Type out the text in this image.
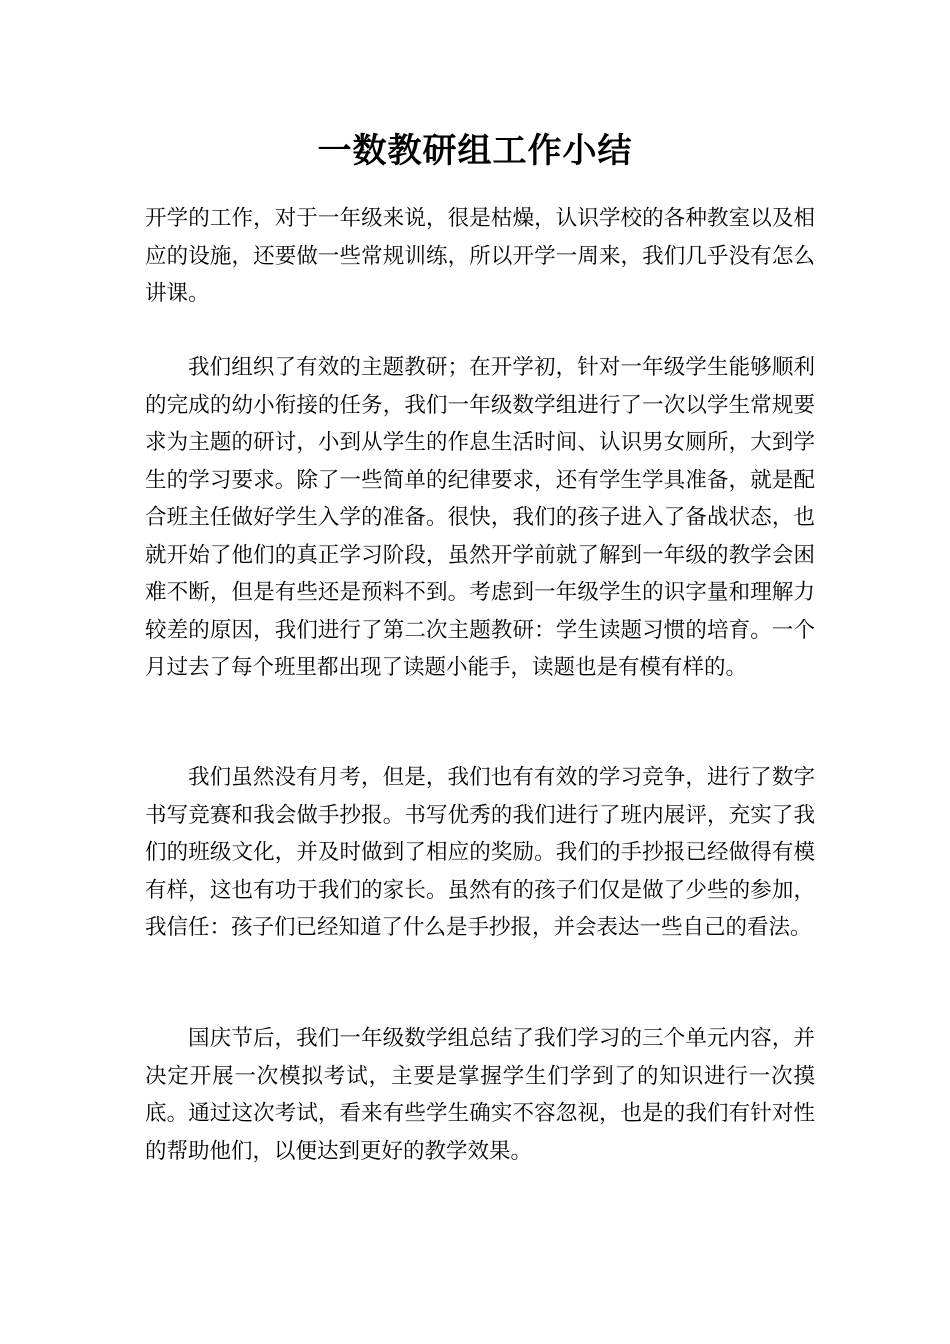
一数教研组工作小结

开学的工作，对于一年级来说，很是枯燥，认识学校的各种教室以及相应的设施，还要做一些常规训练，所以开学一周来，我们几乎没有怎么讲课。

我们组织了有效的主题教研；在开学初，针对一年级学生能够顺利的完成的幼小衔接的任务，我们一年级数学组进行了一次以学生常规要求为主题的研讨，小到从学生的作息生活时间、认识男女厕所，大到学生的学习要求。除了一些简单的纪律要求，还有学生学具准备，就是配合班主任做好学生入学的准备。很快，我们的孩子进入了备战状态，也就开始了他们的真正学习阶段，虽然开学前就了解到一年级的教学会困难不断，但是有些还是预料不到。考虑到一年级学生的识字量和理解力较差的原因，我们进行了第二次主题教研：学生读题习惯的培育。一个月过去了每个班里都出现了读题小能手，读题也是有模有样的。

我们虽然没有月考，但是，我们也有有效的学习竞争，进行了数字书写竞赛和我会做手抄报。书写优秀的我们进行了班内展评，充实了我们的班级文化，并及时做到了相应的奖励。我们的手抄报已经做得有模有样，这也有功于我们的家长。虽然有的孩子们仅是做了少些的参加，我信任：孩子们已经知道了什么是手抄报，并会表达一些自己的看法。

国庆节后，我们一年级数学组总结了我们学习的三个单元内容，并决定开展一次模拟考试，主要是掌握学生们学到了的知识进行一次摸底。通过这次考试，看来有些学生确实不容忽视，也是的我们有针对性的帮助他们，以便达到更好的教学效果。
